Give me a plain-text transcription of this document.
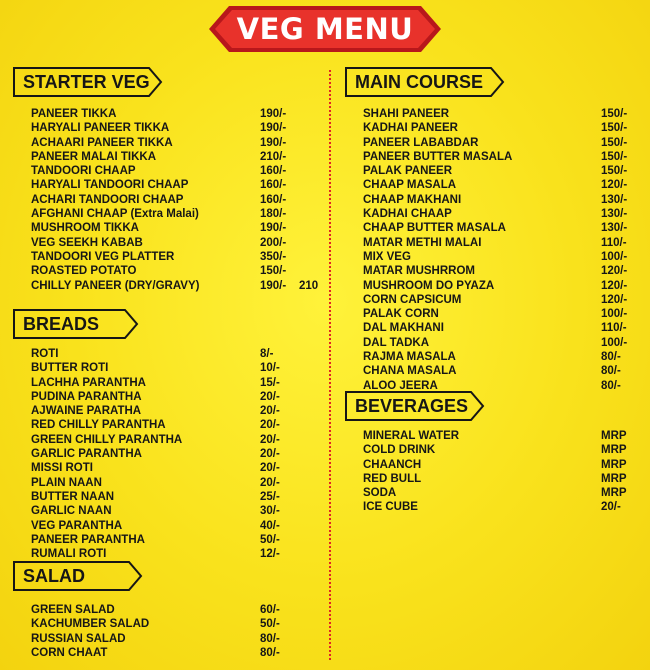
VEG MENU
STARTER VEG
BREADS
SALAD
MAIN COURSE
BEVERAGES
PANEER TIKKA	190/-
HARYALI PANEER TIKKA	190/-
ACHAARI PANEER TIKKA	190/-
PANEER MALAI TIKKA	210/-
TANDOORI CHAAP	160/-
HARYALI TANDOORI CHAAP	160/-
ACHARI TANDOORI CHAAP	160/-
AFGHANI CHAAP (Extra Malai)	180/-
MUSHROOM TIKKA	190/-
VEG SEEKH KABAB	200/-
TANDOORI VEG PLATTER	350/-
ROASTED POTATO	150/-
CHILLY PANEER (DRY/GRAVY)	190/- 210
ROTI	8/-
BUTTER ROTI	10/-
LACHHA PARANTHA	15/-
PUDINA PARANTHA	20/-
AJWAINE PARATHA	20/-
RED CHILLY PARANTHA	20/-
GREEN CHILLY PARANTHA	20/-
GARLIC PARANTHA	20/-
MISSI ROTI	20/-
PLAIN NAAN	20/-
BUTTER NAAN	25/-
GARLIC NAAN	30/-
VEG PARANTHA	40/-
PANEER PARANTHA	50/-
RUMALI ROTI	12/-
GREEN SALAD	60/-
KACHUMBER SALAD	50/-
RUSSIAN SALAD	80/-
CORN CHAAT	80/-
SHAHI PANEER	150/-
KADHAI PANEER	150/-
PANEER LABABDAR	150/-
PANEER BUTTER MASALA	150/-
PALAK PANEER	150/-
CHAAP MASALA	120/-
CHAAP MAKHANI	130/-
KADHAI CHAAP	130/-
CHAAP BUTTER MASALA	130/-
MATAR METHI MALAI	110/-
MIX VEG	100/-
MATAR MUSHRROM	120/-
MUSHROOM DO PYAZA	120/-
CORN CAPSICUM	120/-
PALAK CORN	100/-
DAL MAKHANI	110/-
DAL TADKA	100/-
RAJMA MASALA	80/-
CHANA MASALA	80/-
ALOO JEERA	80/-
MINERAL WATER	MRP
COLD DRINK	MRP
CHAANCH	MRP
RED BULL	MRP
SODA	MRP
ICE CUBE	20/-
